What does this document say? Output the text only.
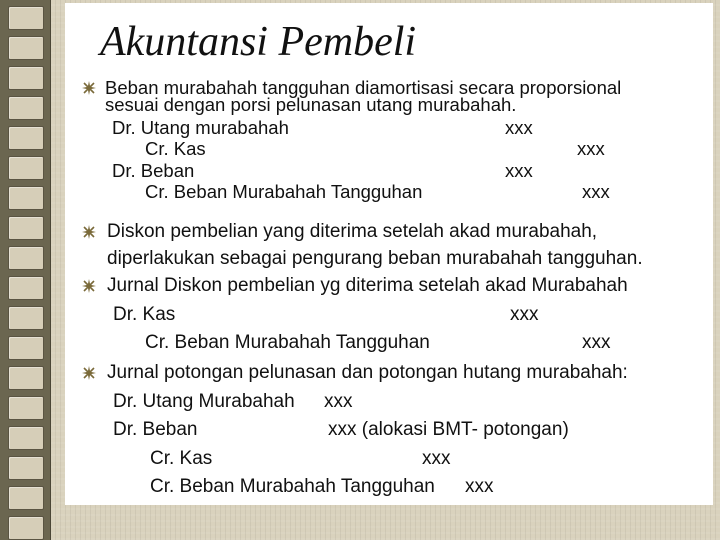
Akuntansi Pembeli
Beban murabahah tangguhan diamortisasi secara proporsional
sesuai dengan porsi pelunasan utang murabahah.
Dr. Utang murabahah	xxx
Cr. Kas	xxx
Dr. Beban	xxx
Cr. Beban Murabahah Tangguhan	xxx
Diskon pembelian yang diterima setelah akad murabahah,
diperlakukan sebagai pengurang beban murabahah tangguhan.
Jurnal Diskon pembelian yg diterima setelah akad Murabahah
Dr. Kas	xxx
Cr. Beban Murabahah Tangguhan	xxx
Jurnal potongan pelunasan dan potongan hutang murabahah:
Dr. Utang Murabahah xxx
Dr. Beban	xxx (alokasi BMT- potongan)
Cr. Kas	xxx
Cr. Beban Murabahah Tangguhan xxx
